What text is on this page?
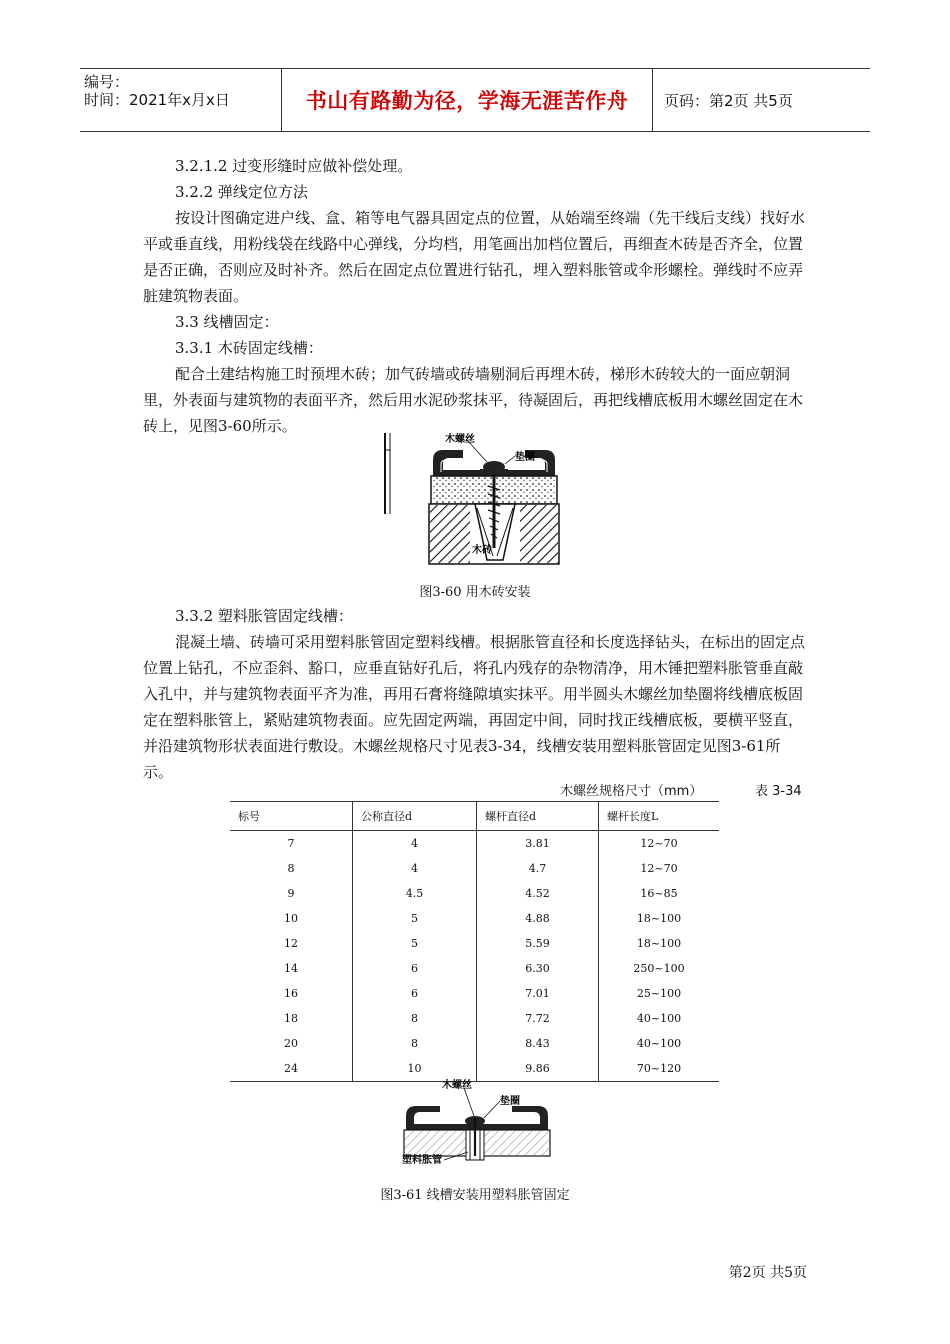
编号：
时间：2021年x月x日	书山有路勤为径，学海无涯苦作舟	页码：第2页 共5页

3.2.1.2 过变形缝时应做补偿处理。

3.2.2 弹线定位方法

按设计图确定进户线、盒、箱等电气器具固定点的位置，从始端至终端（先干线后支线）找好水平或垂直线，用粉线袋在线路中心弹线，分均档，用笔画出加档位置后，再细查木砖是否齐全，位置是否正确，否则应及时补齐。然后在固定点位置进行钻孔，埋入塑料胀管或伞形螺栓。弹线时不应弄脏建筑物表面。

3.3 线槽固定：

3.3.1 木砖固定线槽：

配合土建结构施工时预埋木砖；加气砖墙或砖墙剔洞后再埋木砖，梯形木砖较大的一面应朝洞里，外表面与建筑物的表面平齐，然后用水泥砂浆抹平，待凝固后，再把线槽底板用木螺丝固定在木砖上，见图3-60所示。

木螺丝
垫圈
木砖
图3-60 用木砖安装

3.3.2 塑料胀管固定线槽：

混凝土墙、砖墙可采用塑料胀管固定塑料线槽。根据胀管直径和长度选择钻头，在标出的固定点位置上钻孔，不应歪斜、豁口，应垂直钻好孔后，将孔内残存的杂物清净，用木锤把塑料胀管垂直敲入孔中，并与建筑物表面平齐为准，再用石膏将缝隙填实抹平。用半圆头木螺丝加垫圈将线槽底板固定在塑料胀管上，紧贴建筑物表面。应先固定两端，再固定中间，同时找正线槽底板，要横平竖直，并沿建筑物形状表面进行敷设。木螺丝规格尺寸见表3-34，线槽安装用塑料胀管固定见图3-61所示。

木螺丝规格尺寸（mm）	表 3-34
标号	公称直径d	螺杆直径d	螺杆长度L
7	4	3.81	12~70
8	4	4.7	12~70
9	4.5	4.52	16~85
10	5	4.88	18~100
12	5	5.59	18~100
14	6	6.30	250~100
16	6	7.01	25~100
18	8	7.72	40~100
20	8	8.43	40~100
24	10	9.86	70~120
木螺丝
垫圈
塑料胀管
图3-61 线槽安装用塑料胀管固定
第2页 共5页
